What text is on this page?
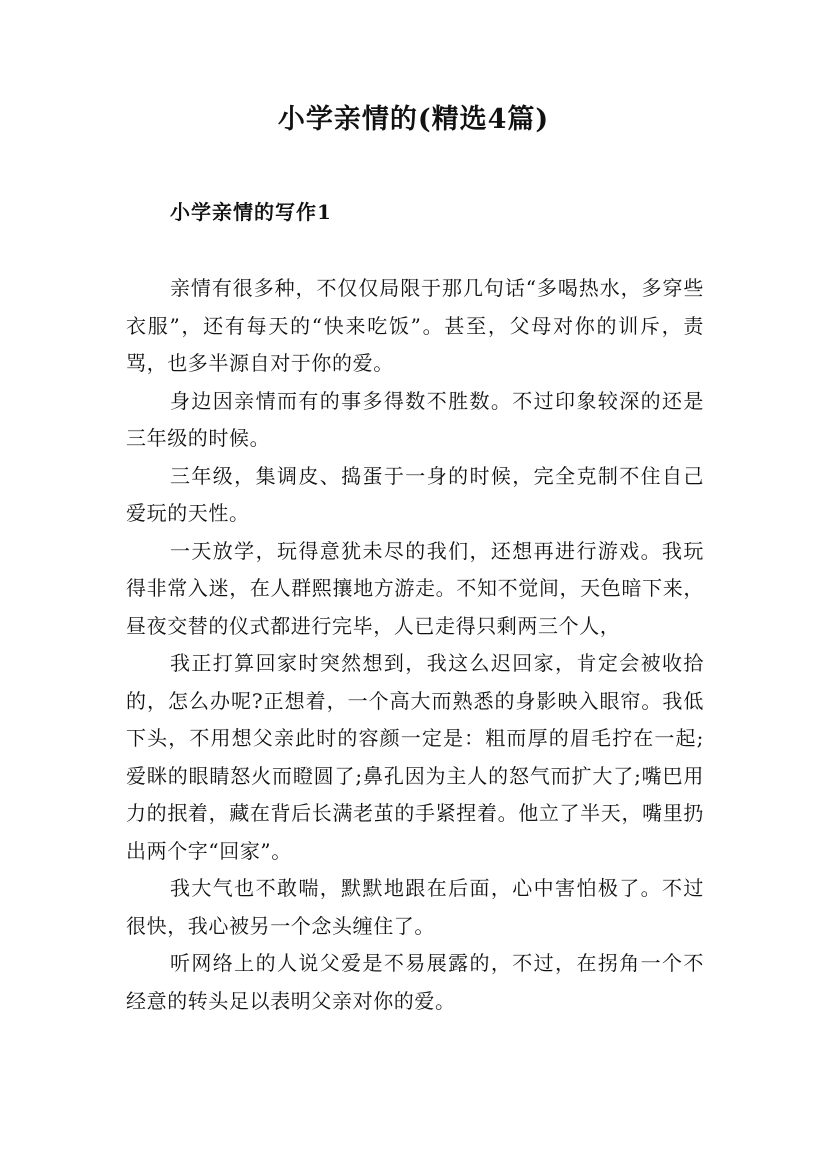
小学亲情的(精选4篇)
小学亲情的写作1

亲情有很多种，不仅仅局限于那几句话“多喝热水，多穿些衣服”，还有每天的“快来吃饭”。甚至，父母对你的训斥，责骂，也多半源自对于你的爱。

身边因亲情而有的事多得数不胜数。不过印象较深的还是三年级的时候。

三年级，集调皮、捣蛋于一身的时候，完全克制不住自己爱玩的天性。

一天放学，玩得意犹未尽的我们，还想再进行游戏。我玩得非常入迷，在人群熙攘地方游走。不知不觉间，天色暗下来，昼夜交替的仪式都进行完毕，人已走得只剩两三个人，

我正打算回家时突然想到，我这么迟回家，肯定会被收拾的，怎么办呢?正想着，一个高大而熟悉的身影映入眼帘。我低下头，不用想父亲此时的容颜一定是：粗而厚的眉毛拧在一起;爱眯的眼睛怒火而瞪圆了;鼻孔因为主人的怒气而扩大了;嘴巴用力的抿着，藏在背后长满老茧的手紧捏着。他立了半天，嘴里扔出两个字“回家”。

我大气也不敢喘，默默地跟在后面，心中害怕极了。不过很快，我心被另一个念头缠住了。

听网络上的人说父爱是不易展露的，不过，在拐角一个不经意的转头足以表明父亲对你的爱。
